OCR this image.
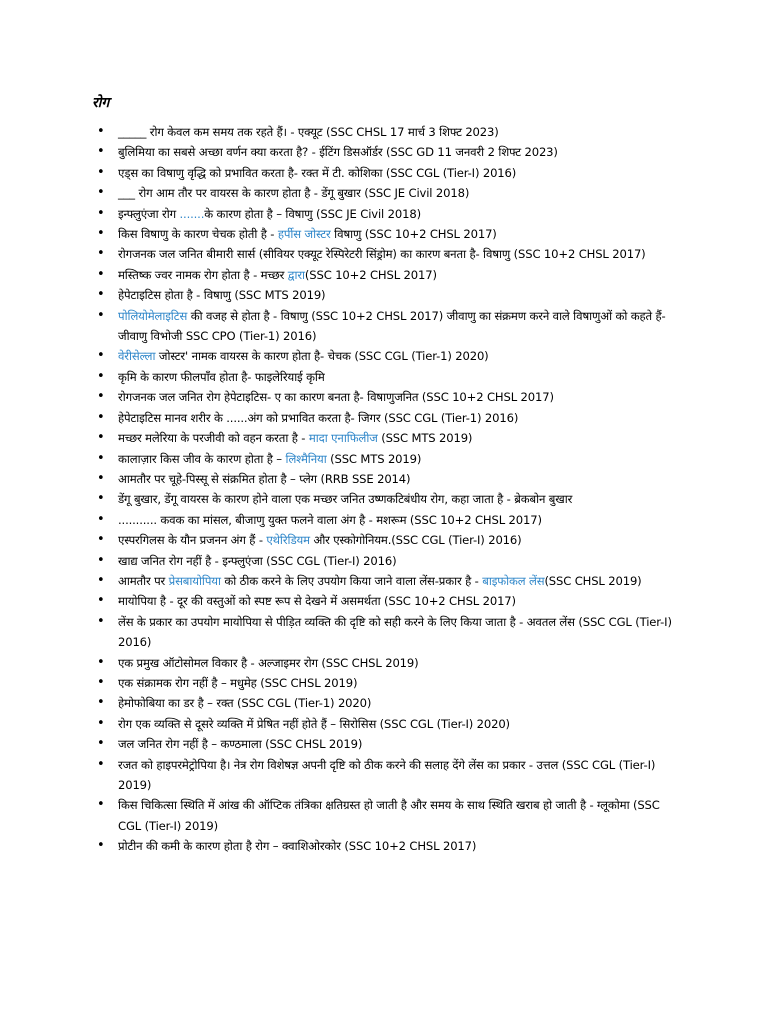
रोग
• _____ रोग केवल कम समय तक रहते हैं। - एक्यूट (SSC CHSL 17 मार्च 3 शिफ्ट 2023)
• बुलिमिया का सबसे अच्छा वर्णन क्या करता है? - ईटिंग डिसऑर्डर (SSC GD 11 जनवरी 2 शिफ्ट 2023)
• एड्स का विषाणु वृद्धि को प्रभावित करता है- रक्त में टी. कोशिका (SSC CGL (Tier-I) 2016)
• ___ रोग आम तौर पर वायरस के कारण होता है - डेंगू बुखार (SSC JE Civil 2018)
• इन्फ्लुएंजा रोग .......के कारण होता है – विषाणु (SSC JE Civil 2018)
• किस विषाणु के कारण चेचक होती है - हर्पीस जोस्टर विषाणु (SSC 10+2 CHSL 2017)
• रोगजनक जल जनित बीमारी सार्स (सीवियर एक्यूट रेस्पिरेटरी सिंड्रोम) का कारण बनता है- विषाणु (SSC 10+2 CHSL 2017)
• मस्तिष्क ज्वर नामक रोग होता है - मच्छर द्वारा(SSC 10+2 CHSL 2017)
• हेपेटाइटिस होता है - विषाणु (SSC MTS 2019)
• पोलियोमेलाइटिस की वजह से होता है - विषाणु (SSC 10+2 CHSL 2017) जीवाणु का संक्रमण करने वाले विषाणुओं को कहते हैं- जीवाणु विभोजी SSC CPO (Tier-1) 2016)
• वेरीसेल्ला जोस्टर' नामक वायरस के कारण होता है- चेचक (SSC CGL (Tier-1) 2020)
• कृमि के कारण फीलपाँव होता है- फाइलेरियाई कृमि
• रोगजनक जल जनित रोग हेपेटाइटिस- ए का कारण बनता है- विषाणुजनित (SSC 10+2 CHSL 2017)
• हेपेटाइटिस मानव शरीर के ......अंग को प्रभावित करता है- जिगर (SSC CGL (Tier-1) 2016)
• मच्छर मलेरिया के परजीवी को वहन करता है - मादा एनाफिलीज (SSC MTS 2019)
• कालाज़ार किस जीव के कारण होता है – लिश्मैनिया (SSC MTS 2019)
• आमतौर पर चूहे-पिस्सू से संक्रमित होता है – प्लेग (RRB SSE 2014)
• डेंगू बुखार, डेंगू वायरस के कारण होने वाला एक मच्छर जनित उष्णकटिबंधीय रोग, कहा जाता है - ब्रेकबोन बुखार
• ........... कवक का मांसल, बीजाणु युक्त फलने वाला अंग है - मशरूम (SSC 10+2 CHSL 2017)
• एस्परगिलस के यौन प्रजनन अंग हैं - एथेरिडियम और एस्कोगोनियम.(SSC CGL (Tier-I) 2016)
• खाद्य जनित रोग नहीं है - इन्फ्लुएंजा (SSC CGL (Tier-I) 2016)
• आमतौर पर प्रेसबायोपिया को ठीक करने के लिए उपयोग किया जाने वाला लेंस-प्रकार है - बाइफोकल लेंस(SSC CHSL 2019)
• मायोपिया है - दूर की वस्तुओं को स्पष्ट रूप से देखने में असमर्थता (SSC 10+2 CHSL 2017)
• लेंस के प्रकार का उपयोग मायोपिया से पीड़ित व्यक्ति की दृष्टि को सही करने के लिए किया जाता है - अवतल लेंस (SSC CGL (Tier-I) 2016)
• एक प्रमुख ऑटोसोमल विकार है - अल्जाइमर रोग (SSC CHSL 2019)
• एक संक्रामक रोग नहीं है – मधुमेह (SSC CHSL 2019)
• हेमोफोबिया का डर है – रक्त (SSC CGL (Tier-1) 2020)
• रोग एक व्यक्ति से दूसरे व्यक्ति में प्रेषित नहीं होते हैं – सिरोसिस (SSC CGL (Tier-I) 2020)
• जल जनित रोग नहीं है – कण्ठमाला (SSC CHSL 2019)
• रजत को हाइपरमेट्रोपिया है। नेत्र रोग विशेषज्ञ अपनी दृष्टि को ठीक करने की सलाह देंगे लेंस का प्रकार - उत्तल (SSC CGL (Tier-I) 2019)
• किस चिकित्सा स्थिति में आंख की ऑप्टिक तंत्रिका क्षतिग्रस्त हो जाती है और समय के साथ स्थिति खराब हो जाती है - ग्लूकोमा (SSC CGL (Tier-I) 2019)
• प्रोटीन की कमी के कारण होता है रोग – क्वाशिओरकोर (SSC 10+2 CHSL 2017)
